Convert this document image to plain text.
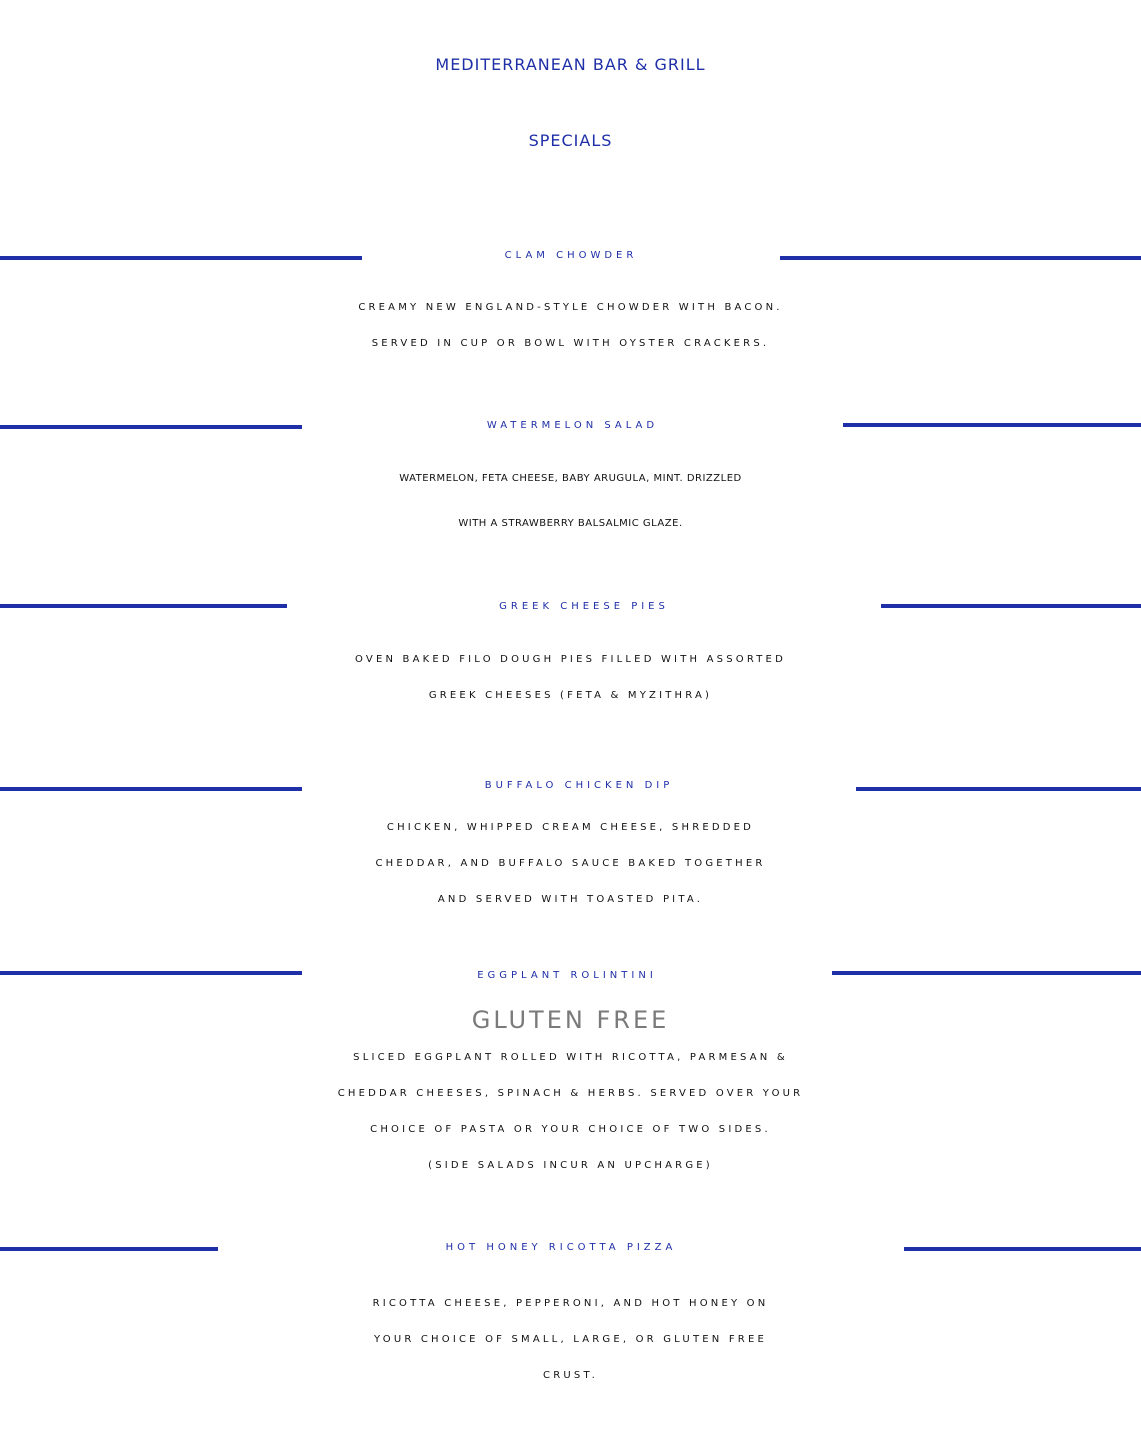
MEDITERRANEAN BAR & GRILL
SPECIALS
CLAM CHOWDER
CREAMY NEW ENGLAND-STYLE CHOWDER WITH BACON.
SERVED IN CUP OR BOWL WITH OYSTER CRACKERS.
WATERMELON SALAD
WATERMELON, FETA CHEESE, BABY ARUGULA, MINT. DRIZZLED
WITH A STRAWBERRY BALSALMIC GLAZE.
GREEK CHEESE PIES
OVEN BAKED FILO DOUGH PIES FILLED WITH ASSORTED
GREEK CHEESES (FETA & MYZITHRA)
BUFFALO CHICKEN DIP
CHICKEN, WHIPPED CREAM CHEESE, SHREDDED
CHEDDAR, AND BUFFALO SAUCE BAKED TOGETHER
AND SERVED WITH TOASTED PITA.
EGGPLANT ROLINTINI
GLUTEN FREE
SLICED EGGPLANT ROLLED WITH RICOTTA, PARMESAN &
CHEDDAR CHEESES, SPINACH & HERBS. SERVED OVER YOUR
CHOICE OF PASTA OR YOUR CHOICE OF TWO SIDES.
(SIDE SALADS INCUR AN UPCHARGE)
HOT HONEY RICOTTA PIZZA
RICOTTA CHEESE, PEPPERONI, AND HOT HONEY ON
YOUR CHOICE OF SMALL, LARGE, OR GLUTEN FREE
CRUST.
